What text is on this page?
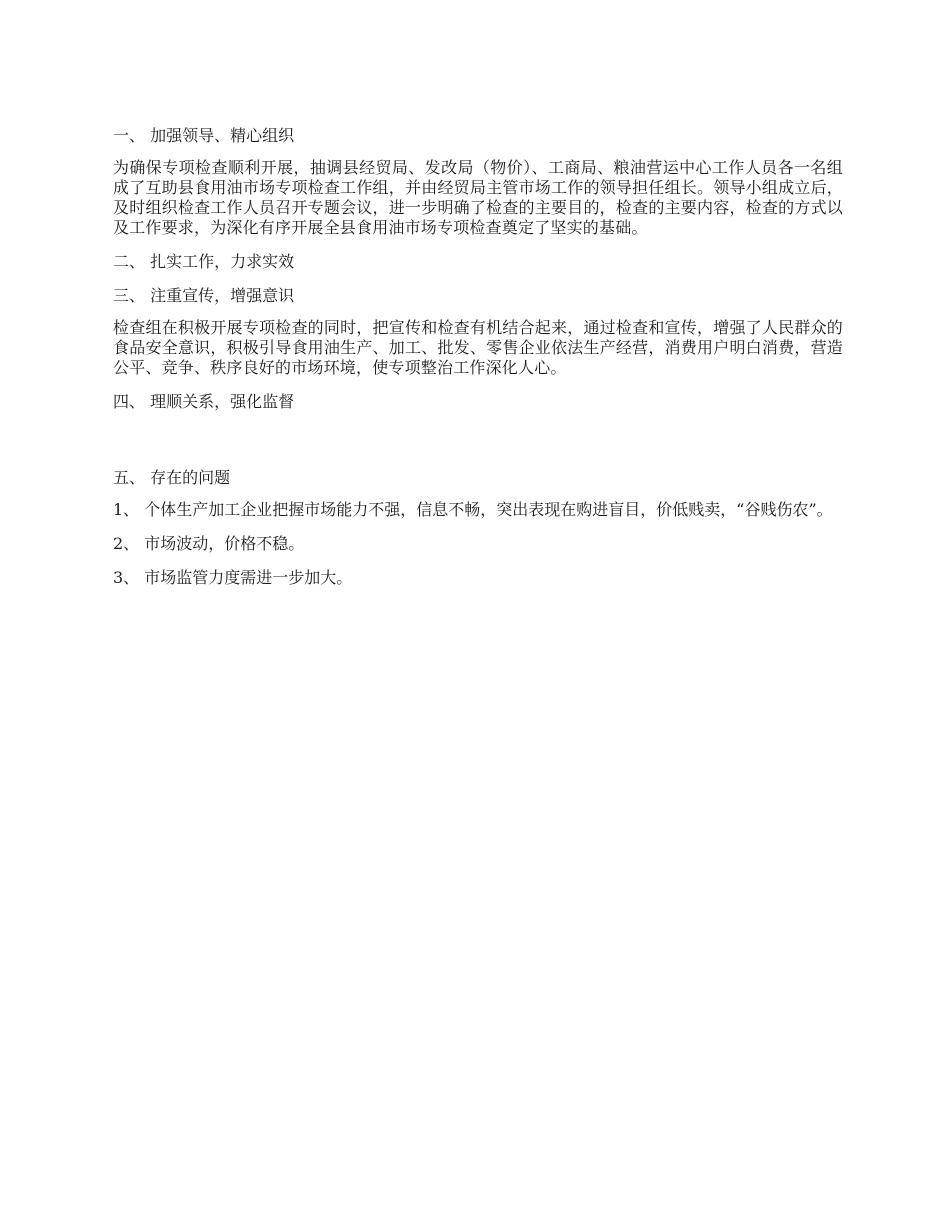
一、 加强领导、精心组织
为确保专项检查顺利开展，抽调县经贸局、发改局（物价）、工商局、粮油营运中心工作人员各一名组成了互助县食用油市场专项检查工作组，并由经贸局主管市场工作的领导担任组长。领导小组成立后，及时组织检查工作人员召开专题会议，进一步明确了检查的主要目的，检查的主要内容，检查的方式以及工作要求，为深化有序开展全县食用油市场专项检查奠定了坚实的基础。
二、 扎实工作，力求实效
三、 注重宣传，增强意识
检查组在积极开展专项检查的同时，把宣传和检查有机结合起来，通过检查和宣传，增强了人民群众的食品安全意识，积极引导食用油生产、加工、批发、零售企业依法生产经营，消费用户明白消费，营造公平、竞争、秩序良好的市场环境，使专项整治工作深化人心。
四、 理顺关系，强化监督
五、 存在的问题
1、 个体生产加工企业把握市场能力不强，信息不畅，突出表现在购进盲目，价低贱卖，“谷贱伤农”。
2、 市场波动，价格不稳。
3、 市场监管力度需进一步加大。
